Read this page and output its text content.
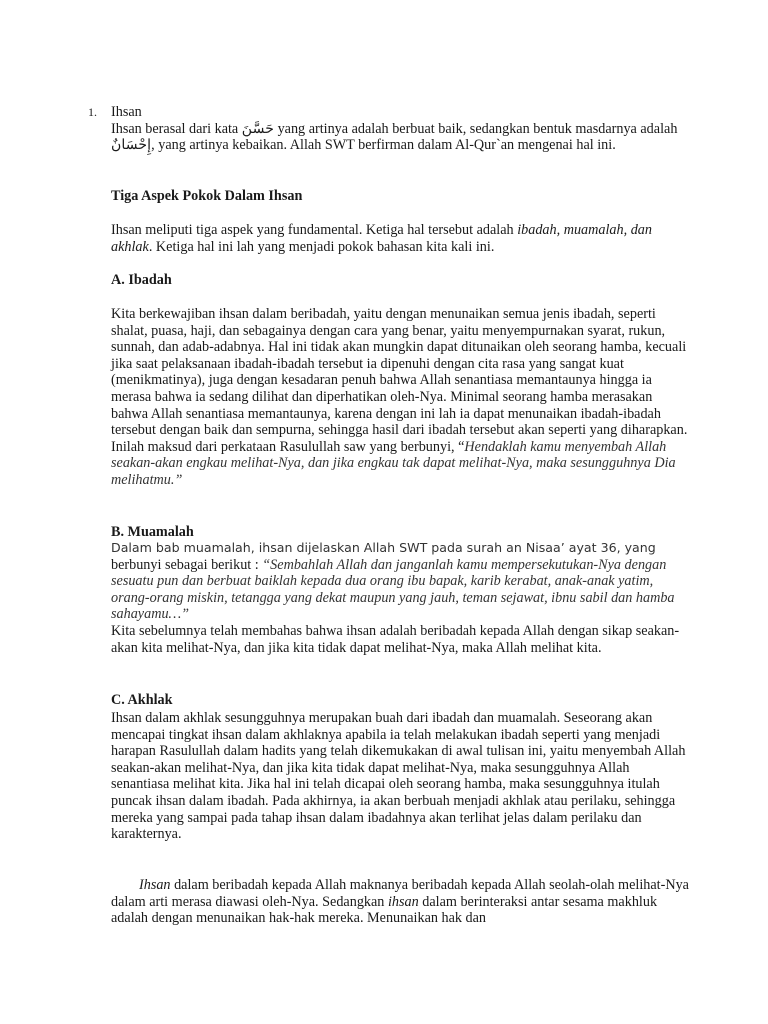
1. Ihsan

Ihsan berasal dari kata حَسَّنَ yang artinya adalah berbuat baik, sedangkan bentuk masdarnya adalah إِحْسَانٌ, yang artinya kebaikan. Allah SWT berfirman dalam Al-Qur`an mengenai hal ini.

Tiga Aspek Pokok Dalam Ihsan

Ihsan meliputi tiga aspek yang fundamental. Ketiga hal tersebut adalah ibadah, muamalah, dan akhlak. Ketiga hal ini lah yang menjadi pokok bahasan kita kali ini.

A. Ibadah

Kita berkewajiban ihsan dalam beribadah, yaitu dengan menunaikan semua jenis ibadah, seperti shalat, puasa, haji, dan sebagainya dengan cara yang benar, yaitu menyempurnakan syarat, rukun, sunnah, dan adab-adabnya. Hal ini tidak akan mungkin dapat ditunaikan oleh seorang hamba, kecuali jika saat pelaksanaan ibadah-ibadah tersebut ia dipenuhi dengan cita rasa yang sangat kuat (menikmatinya), juga dengan kesadaran penuh bahwa Allah senantiasa memantaunya hingga ia merasa bahwa ia sedang dilihat dan diperhatikan oleh-Nya. Minimal seorang hamba merasakan bahwa Allah senantiasa memantaunya, karena dengan ini lah ia dapat menunaikan ibadah-ibadah tersebut dengan baik dan sempurna, sehingga hasil dari ibadah tersebut akan seperti yang diharapkan. Inilah maksud dari perkataan Rasulullah saw yang berbunyi, “Hendaklah kamu menyembah Allah seakan-akan engkau melihat-Nya, dan jika engkau tak dapat melihat-Nya, maka sesungguhnya Dia melihatmu.”

B. Muamalah

Dalam bab muamalah, ihsan dijelaskan Allah SWT pada surah an Nisaa’ ayat 36, yang

berbunyi sebagai berikut : “Sembahlah Allah dan janganlah kamu mempersekutukan-Nya dengan sesuatu pun dan berbuat baiklah kepada dua orang ibu bapak, karib kerabat, anak-anak yatim, orang-orang miskin, tetangga yang dekat maupun yang jauh, teman sejawat, ibnu sabil dan hamba sahayamu…”

Kita sebelumnya telah membahas bahwa ihsan adalah beribadah kepada Allah dengan sikap seakan-akan kita melihat-Nya, dan jika kita tidak dapat melihat-Nya, maka Allah melihat kita.

C. Akhlak

Ihsan dalam akhlak sesungguhnya merupakan buah dari ibadah dan muamalah. Seseorang akan mencapai tingkat ihsan dalam akhlaknya apabila ia telah melakukan ibadah seperti yang menjadi harapan Rasulullah dalam hadits yang telah dikemukakan di awal tulisan ini, yaitu menyembah Allah seakan-akan melihat-Nya, dan jika kita tidak dapat melihat-Nya, maka sesungguhnya Allah senantiasa melihat kita. Jika hal ini telah dicapai oleh seorang hamba, maka sesungguhnya itulah puncak ihsan dalam ibadah. Pada akhirnya, ia akan berbuah menjadi akhlak atau perilaku, sehingga mereka yang sampai pada tahap ihsan dalam ibadahnya akan terlihat jelas dalam perilaku dan karakternya.

Ihsan dalam beribadah kepada Allah maknanya beribadah kepada Allah seolah-olah melihat-Nya dalam arti merasa diawasi oleh-Nya. Sedangkan ihsan dalam berinteraksi antar sesama makhluk adalah dengan menunaikan hak-hak mereka. Menunaikan hak dan
